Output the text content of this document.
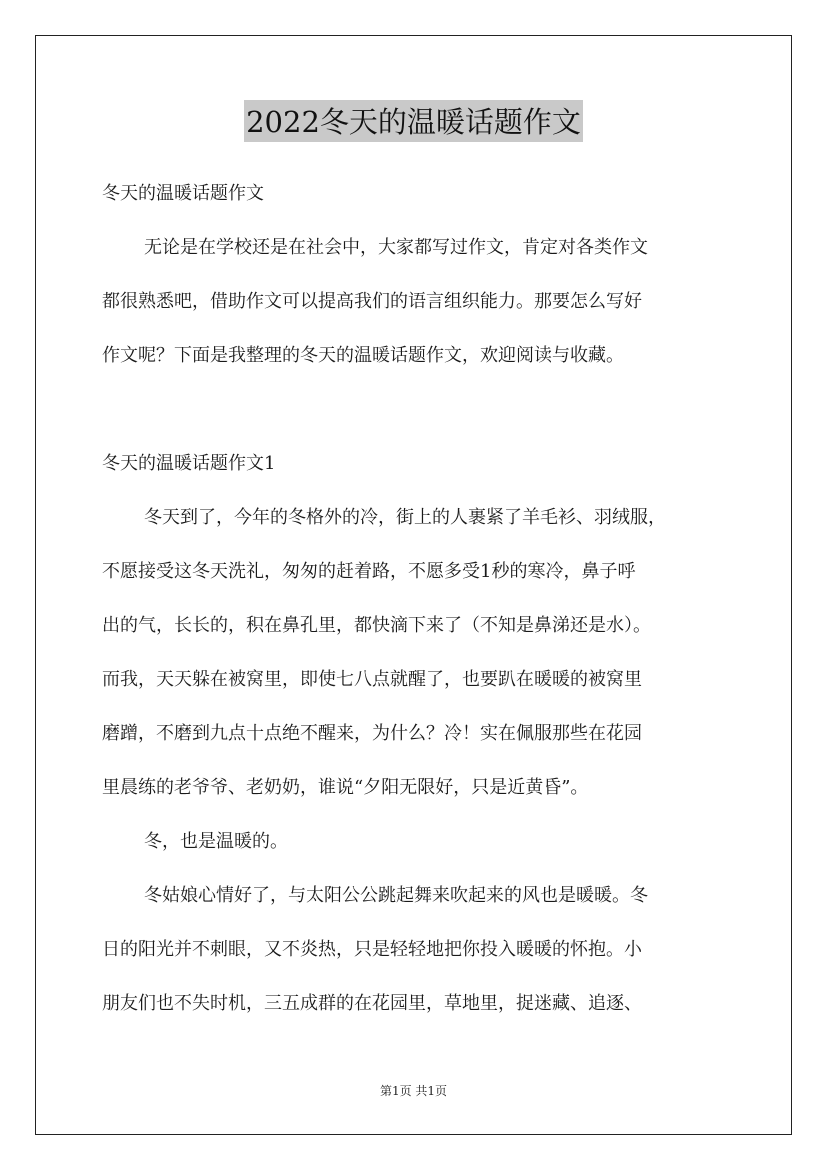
2022冬天的温暖话题作文
冬天的温暖话题作文
无论是在学校还是在社会中，大家都写过作文，肯定对各类作文
都很熟悉吧，借助作文可以提高我们的语言组织能力。那要怎么写好
作文呢？下面是我整理的冬天的温暖话题作文，欢迎阅读与收藏。
冬天的温暖话题作文1
冬天到了，今年的冬格外的冷，街上的人裹紧了羊毛衫、羽绒服，
不愿接受这冬天洗礼，匆匆的赶着路，不愿多受1秒的寒冷，鼻子呼
出的气，长长的，积在鼻孔里，都快滴下来了（不知是鼻涕还是水）。
而我，天天躲在被窝里，即使七八点就醒了，也要趴在暖暖的被窝里
磨蹭，不磨到九点十点绝不醒来，为什么？冷！实在佩服那些在花园
里晨练的老爷爷、老奶奶，谁说“夕阳无限好，只是近黄昏”。
冬，也是温暖的。
冬姑娘心情好了，与太阳公公跳起舞来吹起来的风也是暖暖。冬
日的阳光并不刺眼，又不炎热，只是轻轻地把你投入暖暖的怀抱。小
朋友们也不失时机，三五成群的在花园里，草地里，捉迷藏、追逐、
第1页 共1页
